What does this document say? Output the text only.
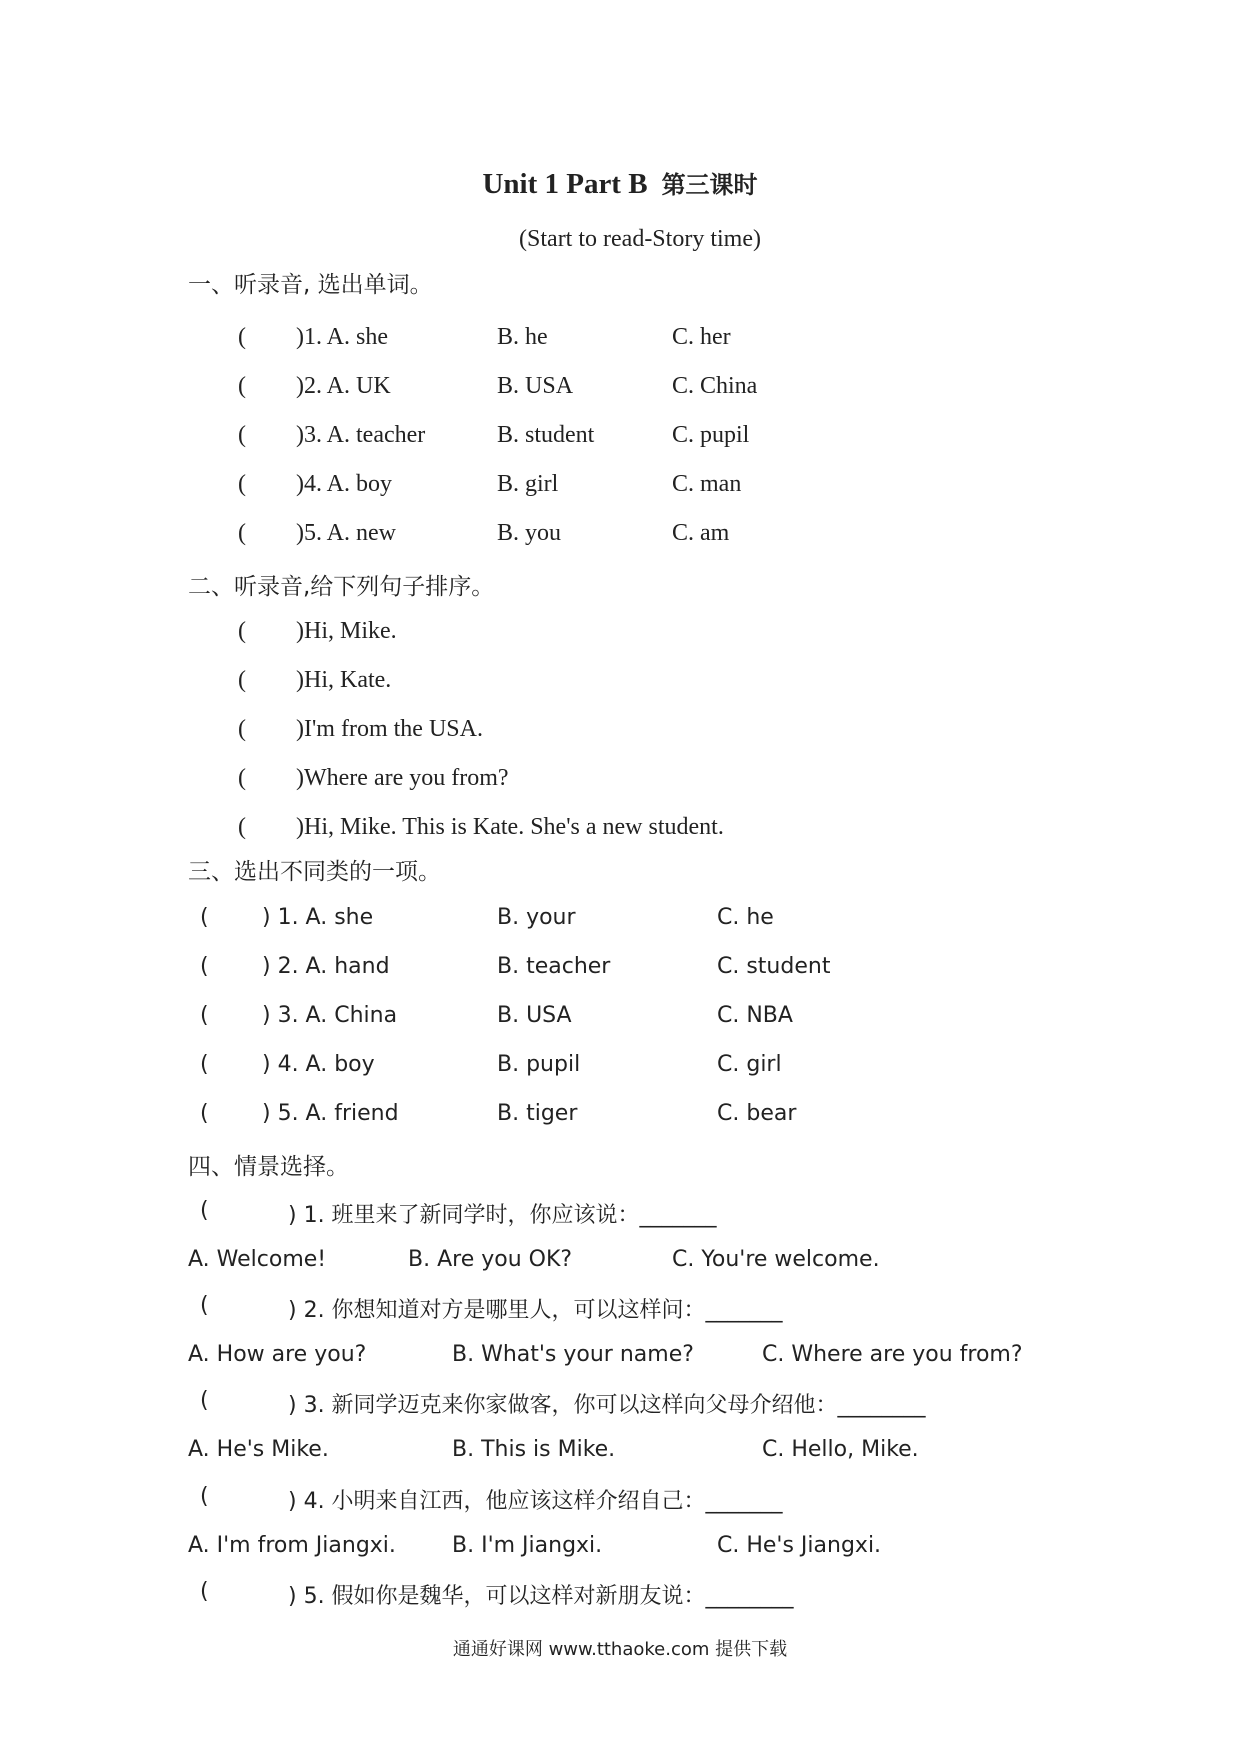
Unit 1 Part B 第三课时
(Start to read-Story time)
一、听录音, 选出单词。
( )1. A. she	B. he	C. her
( )2. A. UK	B. USA	C. China
( )3. A. teacher	B. student	C. pupil
( )4. A. boy	B. girl	C. man
( )5. A. new	B. you	C. am
二、听录音,给下列句子排序。
( )Hi, Mike.
( )Hi, Kate.
( )I'm from the USA.
( )Where are you from?
( )Hi, Mike. This is Kate. She's a new student.
三、选出不同类的一项。
( ) 1. A. she	B. your	C. he
( ) 2. A. hand	B. teacher	C. student
( ) 3. A. China	B. USA	C. NBA
( ) 4. A. boy	B. pupil	C. girl
( ) 5. A. friend	B. tiger	C. bear
四、情景选择。
(	) 1. 班里来了新同学时，你应该说：_______
A. Welcome!	B. Are you OK?	C. You're welcome.
(	) 2. 你想知道对方是哪里人，可以这样问：_______
A. How are you?	B. What's your name?	C. Where are you from?
(	) 3. 新同学迈克来你家做客，你可以这样向父母介绍他：________
A. He's Mike.	B. This is Mike.	C. Hello, Mike.
(	) 4. 小明来自江西，他应该这样介绍自己：_______
A. I'm from Jiangxi.	B. I'm Jiangxi.	C. He's Jiangxi.
(	) 5. 假如你是魏华，可以这样对新朋友说：________
通通好课网 www.tthaoke.com 提供下载
